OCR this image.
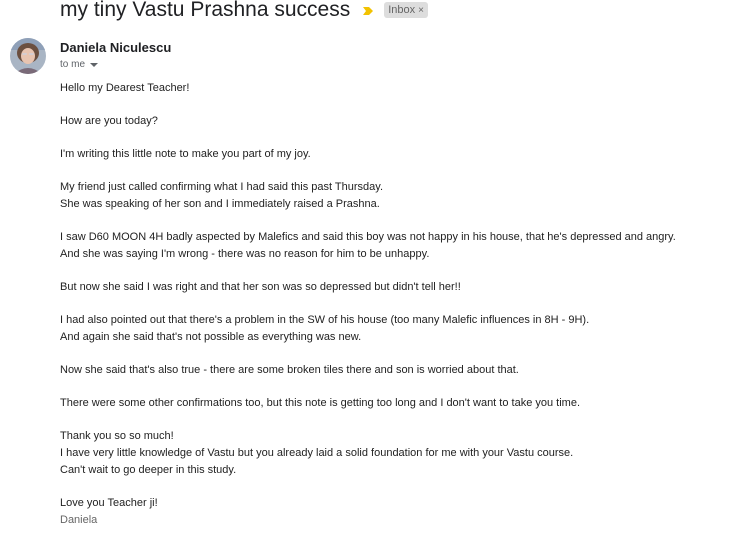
my tiny Vastu Prashna success	Inbox ×
Daniela Niculescu
to me

Hello my Dearest Teacher!

How are you today?

I'm writing this little note to make you part of my joy.

My friend just called confirming what I had said this past Thursday.

She was speaking of her son and I immediately raised a Prashna.

I saw D60 MOON 4H badly aspected by Malefics and said this boy was not happy in his house, that he's depressed and angry.

And she was saying I'm wrong - there was no reason for him to be unhappy.

But now she said I was right and that her son was so depressed but didn't tell her!!

I had also pointed out that there's a problem in the SW of his house (too many Malefic influences in 8H - 9H).

And again she said that's not possible as everything was new.

Now she said that's also true - there are some broken tiles there and son is worried about that.

There were some other confirmations too, but this note is getting too long and I don't want to take you time.

Thank you so so much!

I have very little knowledge of Vastu but you already laid a solid foundation for me with your Vastu course.

Can't wait to go deeper in this study.

Love you Teacher ji!

Daniela
